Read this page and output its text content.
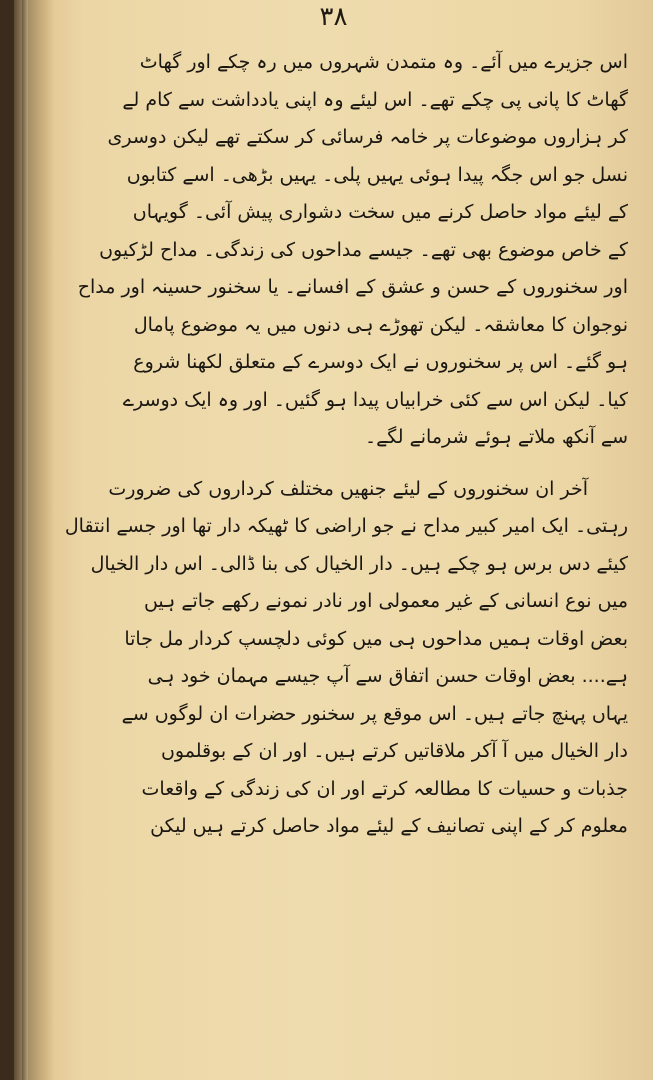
۳۸
اس جزیرے میں آئے۔ وہ متمدن شہروں میں رہ چکے اور گھاٹ
گھاٹ کا پانی پی چکے تھے۔ اس لیئے وہ اپنی یادداشت سے کام لے
کر ہزاروں موضوعات پر خامہ فرسائی کر سکتے تھے لیکن دوسری
نسل جو اس جگہ پیدا ہوئی یہیں پلی۔ یہیں بڑھی۔ اسے کتابوں
کے لیئے مواد حاصل کرنے میں سخت دشواری پیش آئی۔ گویہاں
کے خاص موضوع بھی تھے۔ جیسے مداحوں کی زندگی۔ مداح لڑکیوں
اور سخنوروں کے حسن و عشق کے افسانے۔ یا سخنور حسینہ اور مداح
نوجوان کا معاشقہ۔ لیکن تھوڑے ہی دنوں میں یہ موضوع پامال
ہو گئے۔ اس پر سخنوروں نے ایک دوسرے کے متعلق لکھنا شروع
کیا۔ لیکن اس سے کئی خرابیاں پیدا ہو گئیں۔ اور وہ ایک دوسرے
سے آنکھ ملاتے ہوئے شرمانے لگے۔
آخر ان سخنوروں کے لیئے جنھیں مختلف کرداروں کی ضرورت
رہتی۔ ایک امیر کبیر مداح نے جو اراضی کا ٹھیکہ دار تھا اور جسے انتقال
کیئے دس برس ہو چکے ہیں۔ دار الخیال کی بنا ڈالی۔ اس دار الخیال
میں نوع انسانی کے غیر معمولی اور نادر نمونے رکھے جاتے ہیں
بعض اوقات ہمیں مداحوں ہی میں کوئی دلچسپ کردار مل جاتا
ہے.... بعض اوقات حسن اتفاق سے آپ جیسے مہمان خود ہی
یہاں پہنچ جاتے ہیں۔ اس موقع پر سخنور حضرات ان لوگوں سے
دار الخیال میں آ آکر ملاقاتیں کرتے ہیں۔ اور ان کے بوقلموں
جذبات و حسیات کا مطالعہ کرتے اور ان کی زندگی کے واقعات
معلوم کر کے اپنی تصانیف کے لیئے مواد حاصل کرتے ہیں لیکن
